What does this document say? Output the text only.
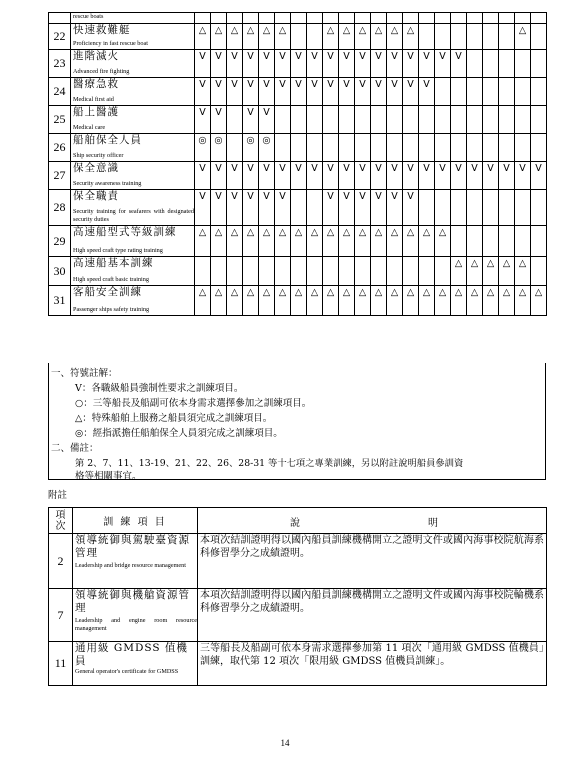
	rescue boats																						

22	快速救難艇
Proficiency in fast rescue boat	△	△	△	△	△	△			△	△	△	△	△	△							△	
23	進階滅火
Advanced fire fighting	V	V	V	V	V	V	V	V	V	V	V	V	V	V	V	V	V					
24	醫療急救
Medical first aid	V	V	V	V	V	V	V	V	V	V	V	V	V	V	V							
25	船上醫護
Medical care	V	V		V	V																	
26	船舶保全人員
Ship security officer	◎	◎		◎	◎																	
27	保全意識
Security awareness training	V	V	V	V	V	V	V	V	V	V	V	V	V	V	V	V	V	V	V	V	V	V
28	保全職責
Security training for seafarers with designated security duties	V	V	V	V	V	V			V	V	V	V	V	V								
29	高速船型式等級訓練
High speed craft type rating training	△	△	△	△	△	△	△	△	△	△	△	△	△	△	△	△						
30	高速船基本訓練
High speed craft basic training																	△	△	△	△	△	
31	客船安全訓練
Passenger ships safety training	△	△	△	△	△	△	△	△	△	△	△	△	△	△	△	△	△	△	△	△	△	△
一、符號註解：
V：各職級船員強制性要求之訓練項目。
○：三等船長及船副可依本身需求選擇參加之訓練項目。
△：特殊船舶上服務之船員須完成之訓練項目。
◎：經指派擔任船舶保全人員須完成之訓練項目。
二、備註：
第 2、7、11、13-19、21、22、26、28-31 等十七項之專業訓練，另以附註說明船員參訓資
格等相關事宜。
附註
項次	訓 練 項 目	說 明

2	領導統御與駕駛臺資源管理
Leadership and bridge resource management	本項次結訓證明得以國內船員訓練機構開立之證明文件或國內海事校院航海系科修習學分之成績證明。

7	領導統御與機艙資源管理
Leadership and engine room resource management	本項次結訓證明得以國內船員訓練機構開立之證明文件或國內海事校院輪機系科修習學分之成績證明。

11	通用級 GMDSS 值機員
General operator's certificate for GMDSS	三等船長及船副可依本身需求選擇參加第 11 項次「通用級 GMDSS 值機員」訓練，取代第 12 項次「限用級 GMDSS 值機員訓練」。
14
